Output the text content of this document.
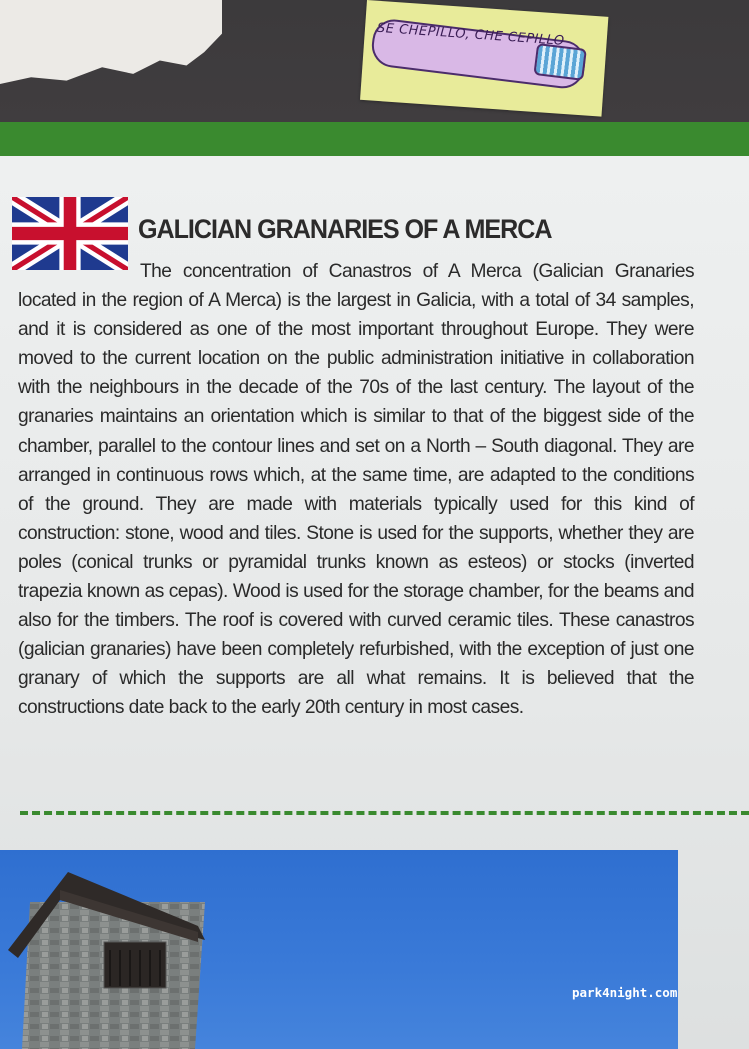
SE CHEPILLO, CHE CEPILLO
GALICIAN GRANARIES OF A MERCA
The concentration of Canastros of A Merca (Galician Granaries located in the region of A Merca) is the largest in Galicia, with a total of 34 samples, and it is considered as one of the most important throughout Europe. They were moved to the current location on the public administration initiative in collaboration with the neighbours in the decade of the 70s of the last century. The layout of the granaries maintains an orientation which is similar to that of the biggest side of the chamber, parallel to the contour lines and set on a North – South diagonal. They are arranged in continuous rows which, at the same time, are adapted to the conditions of the ground. They are made with materials typically used for this kind of construction: stone, wood and tiles. Stone is used for the supports, whether they are poles (conical trunks or pyramidal trunks known as esteos) or stocks (inverted trapezia known as cepas). Wood is used for the storage chamber, for the beams and also for the timbers. The roof is covered with curved ceramic tiles. These canastros (galician granaries) have been completely refurbished, with the exception of just one granary of which the supports are all what remains. It is believed that the constructions date back to the early 20th century in most cases.
park4night.com
